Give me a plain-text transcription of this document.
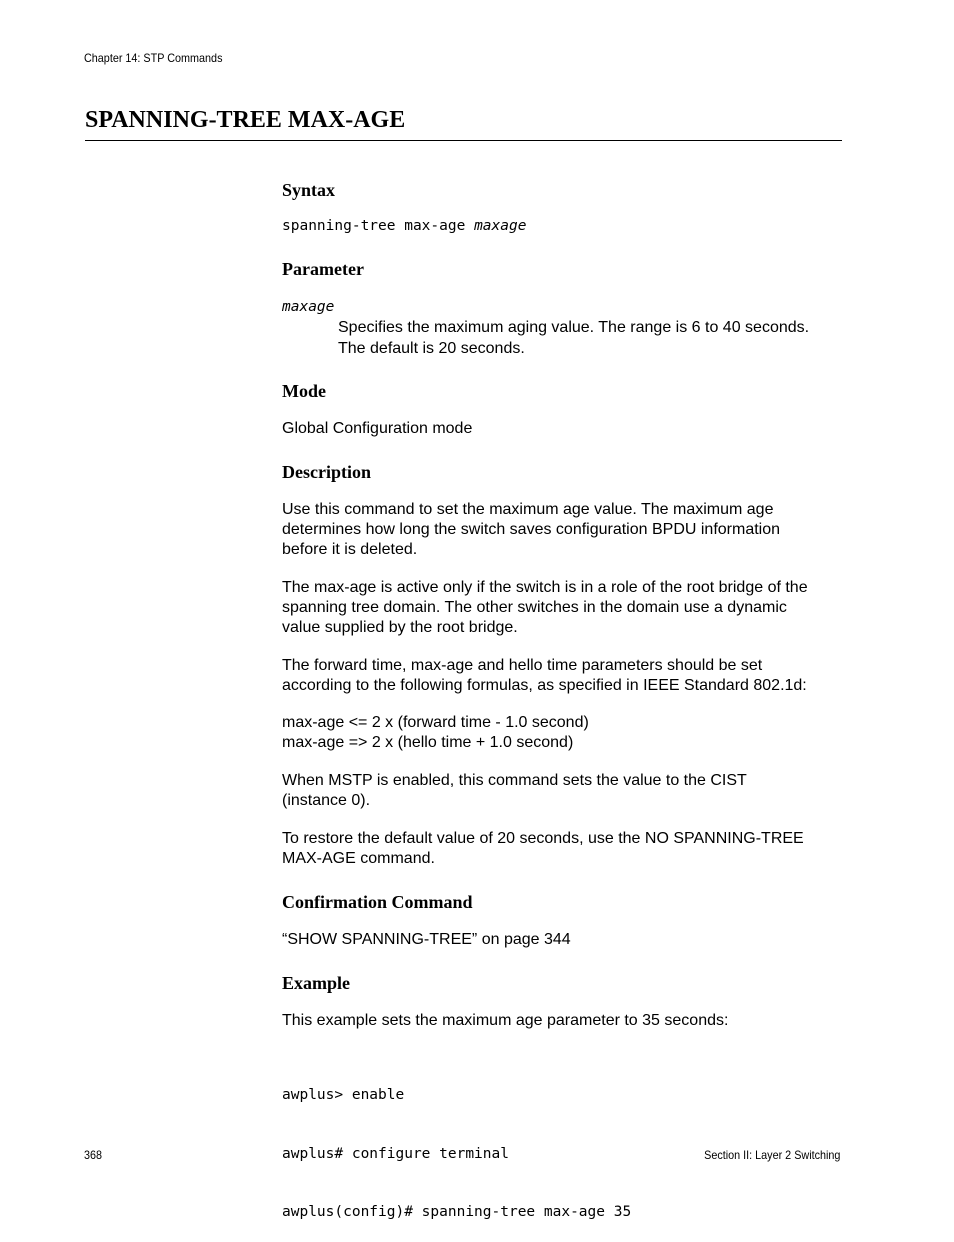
Chapter 14: STP Commands
SPANNING-TREE MAX-AGE
Syntax
spanning-tree max-age maxage
Parameter
maxage
Specifies the maximum aging value. The range is 6 to 40 seconds.
The default is 20 seconds.
Mode
Global Configuration mode
Description
Use this command to set the maximum age value. The maximum age
determines how long the switch saves configuration BPDU information
before it is deleted.
The max-age is active only if the switch is in a role of the root bridge of the
spanning tree domain. The other switches in the domain use a dynamic
value supplied by the root bridge.
The forward time, max-age and hello time parameters should be set
according to the following formulas, as specified in IEEE Standard 802.1d:
max-age <= 2 x (forward time - 1.0 second)
max-age => 2 x (hello time + 1.0 second)
When MSTP is enabled, this command sets the value to the CIST
(instance 0).
To restore the default value of 20 seconds, use the NO SPANNING-TREE
MAX-AGE command.
Confirmation Command
“SHOW SPANNING-TREE” on page 344
Example
This example sets the maximum age parameter to 35 seconds:

awplus> enable

awplus# configure terminal

awplus(config)# spanning-tree max-age 35

368	Section II: Layer 2 Switching
